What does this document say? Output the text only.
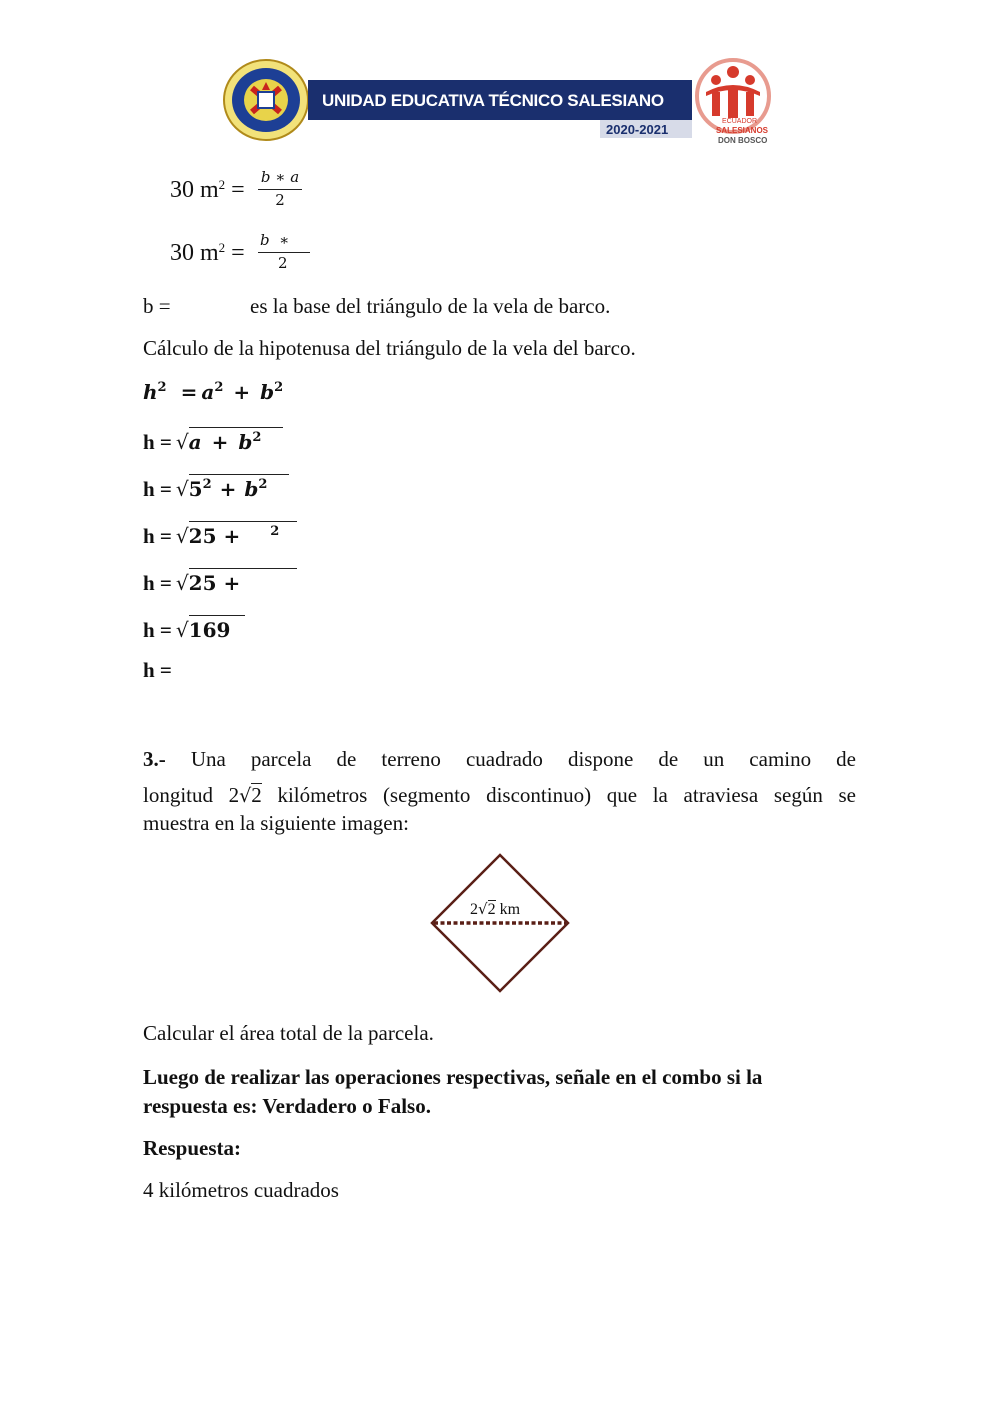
UNIDAD EDUCATIVA TÉCNICO SALESIANO
2020-2021
ECUADOR
SALESIANOS
DON BOSCO
30 $m^2 = b$ ∗ a
2
30 $m^2 = b$  ∗
2
b =	es la base del triángulo de la vela de barco.
Cálculo de la hipotenusa del triángulo de la vela del barco.
$h^2 = a^2 + b^2$
$h = √a + b^2$
$h = √5^2 + b^2$
h = √25 + $^2$
h = √25 +
h = √169
h =
3.- Una parcela de terreno cuadrado dispone de un camino de
longitud 2√2 kilómetros (segmento discontinuo) que la atraviesa según se
muestra en la siguiente imagen:
2√2 km
Calcular el área total de la parcela.
Luego de realizar las operaciones respectivas, señale en el combo si la
respuesta es: Verdadero o Falso.
Respuesta:
4 kilómetros cuadrados
